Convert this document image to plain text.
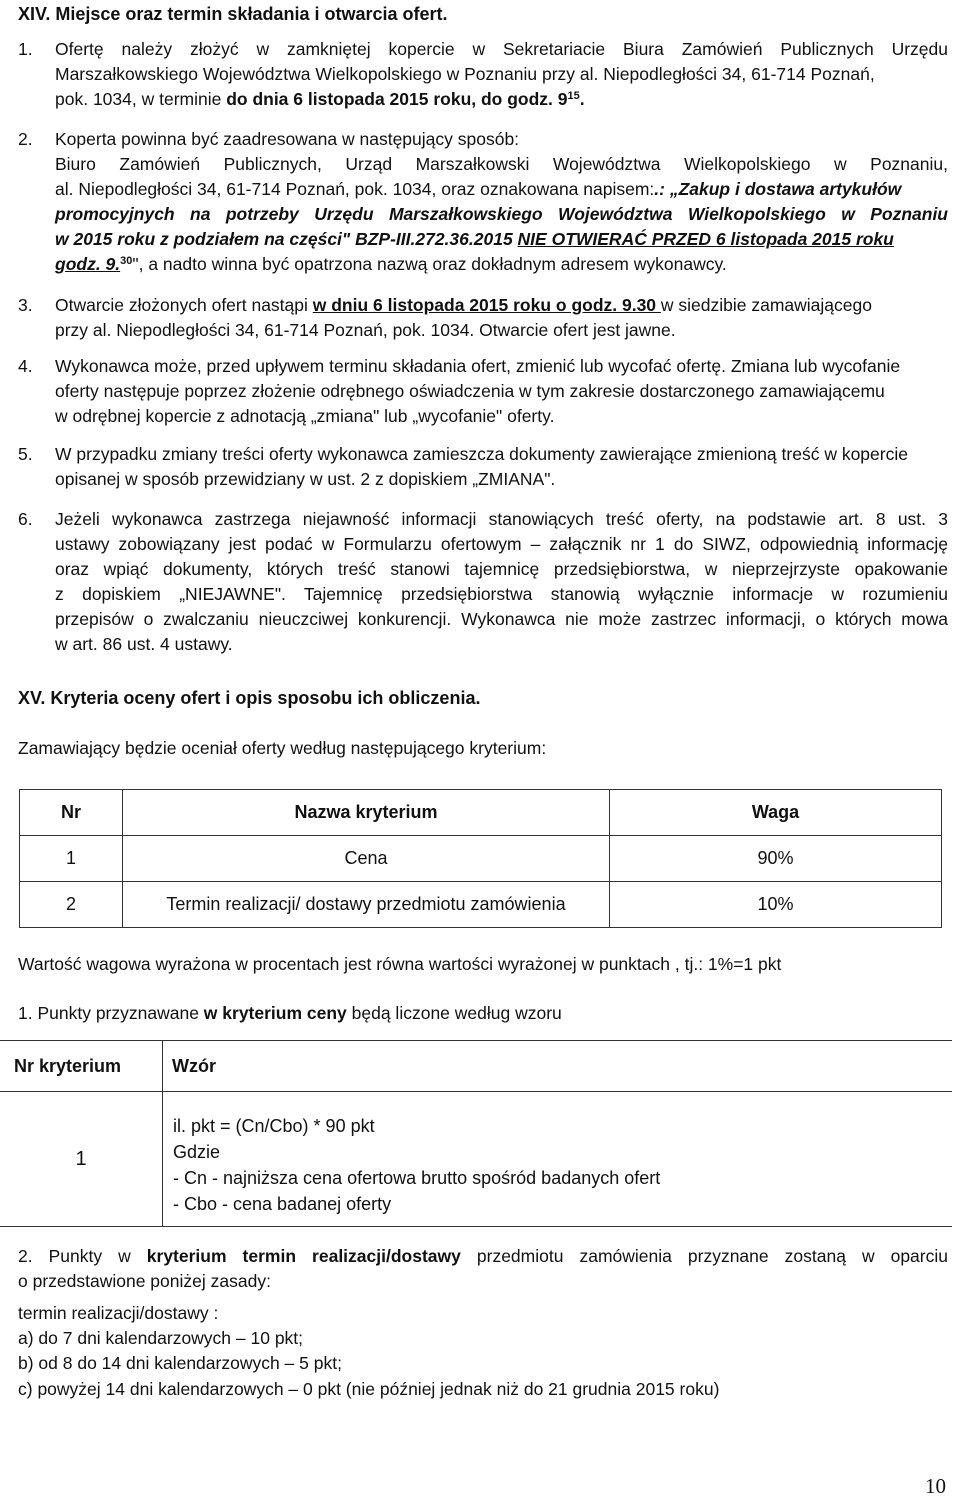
XIV. Miejsce oraz termin składania i otwarcia ofert.
1. Ofertę należy złożyć w zamkniętej kopercie w Sekretariacie Biura Zamówień Publicznych Urzędu
Marszałkowskiego Województwa Wielkopolskiego w Poznaniu przy al. Niepodległości 34, 61-714 Poznań,
pok. 1034, w terminie do dnia 6 listopada 2015 roku, do godz. $9^{15}$.
2. Koperta powinna być zaadresowana w następujący sposób:
Biuro Zamówień Publicznych, Urząd Marszałkowski Województwa Wielkopolskiego w Poznaniu,
al. Niepodległości 34, 61-714 Poznań, pok. 1034, oraz oznakowana napisem:.: „Zakup i dostawa artykułów
promocyjnych na potrzeby Urzędu Marszałkowskiego Województwa Wielkopolskiego w Poznaniu
w 2015 roku z podziałem na części" BZP-III.272.36.2015 NIE OTWIERAĆ PRZED 6 listopada 2015 roku
godz. 9.30", a nadto winna być opatrzona nazwą oraz dokładnym adresem wykonawcy.
3. Otwarcie złożonych ofert nastąpi w dniu 6 listopada 2015 roku o godz. 9.30 w siedzibie zamawiającego
przy al. Niepodległości 34, 61-714 Poznań, pok. 1034. Otwarcie ofert jest jawne.
4. Wykonawca może, przed upływem terminu składania ofert, zmienić lub wycofać ofertę. Zmiana lub wycofanie
oferty następuje poprzez złożenie odrębnego oświadczenia w tym zakresie dostarczonego zamawiającemu
w odrębnej kopercie z adnotacją „zmiana" lub „wycofanie" oferty.
5. W przypadku zmiany treści oferty wykonawca zamieszcza dokumenty zawierające zmienioną treść w kopercie
opisanej w sposób przewidziany w ust. 2 z dopiskiem „ZMIANA".
6. Jeżeli wykonawca zastrzega niejawność informacji stanowiących treść oferty, na podstawie art. 8 ust. 3
ustawy zobowiązany jest podać w Formularzu ofertowym – załącznik nr 1 do SIWZ, odpowiednią informację
oraz wpiąć dokumenty, których treść stanowi tajemnicę przedsiębiorstwa, w nieprzejrzyste opakowanie
z dopiskiem „NIEJAWNE". Tajemnicę przedsiębiorstwa stanowią wyłącznie informacje w rozumieniu
przepisów o zwalczaniu nieuczciwej konkurencji. Wykonawca nie może zastrzec informacji, o których mowa
w art. 86 ust. 4 ustawy.
XV. Kryteria oceny ofert i opis sposobu ich obliczenia.
Zamawiający będzie oceniał oferty według następującego kryterium:
Nr	Nazwa kryterium	Waga
1	Cena	90%
2	Termin realizacji/ dostawy przedmiotu zamówienia	10%
Wartość wagowa wyrażona w procentach jest równa wartości wyrażonej w punktach , tj.: 1%=1 pkt
1. Punkty przyznawane w kryterium ceny będą liczone według wzoru
Nr kryterium	Wzór
1	il. pkt = (Cn/Cbo) * 90 pkt
Gdzie
- Cn - najniższa cena ofertowa brutto spośród badanych ofert
- Cbo - cena badanej oferty
2. Punkty w kryterium termin realizacji/dostawy przedmiotu zamówienia przyznane zostaną w oparciu
o przedstawione poniżej zasady:
termin realizacji/dostawy :
a) do 7 dni kalendarzowych – 10 pkt;
b) od 8 do 14 dni kalendarzowych – 5 pkt;
c) powyżej 14 dni kalendarzowych – 0 pkt (nie później jednak niż do 21 grudnia 2015 roku)
10
